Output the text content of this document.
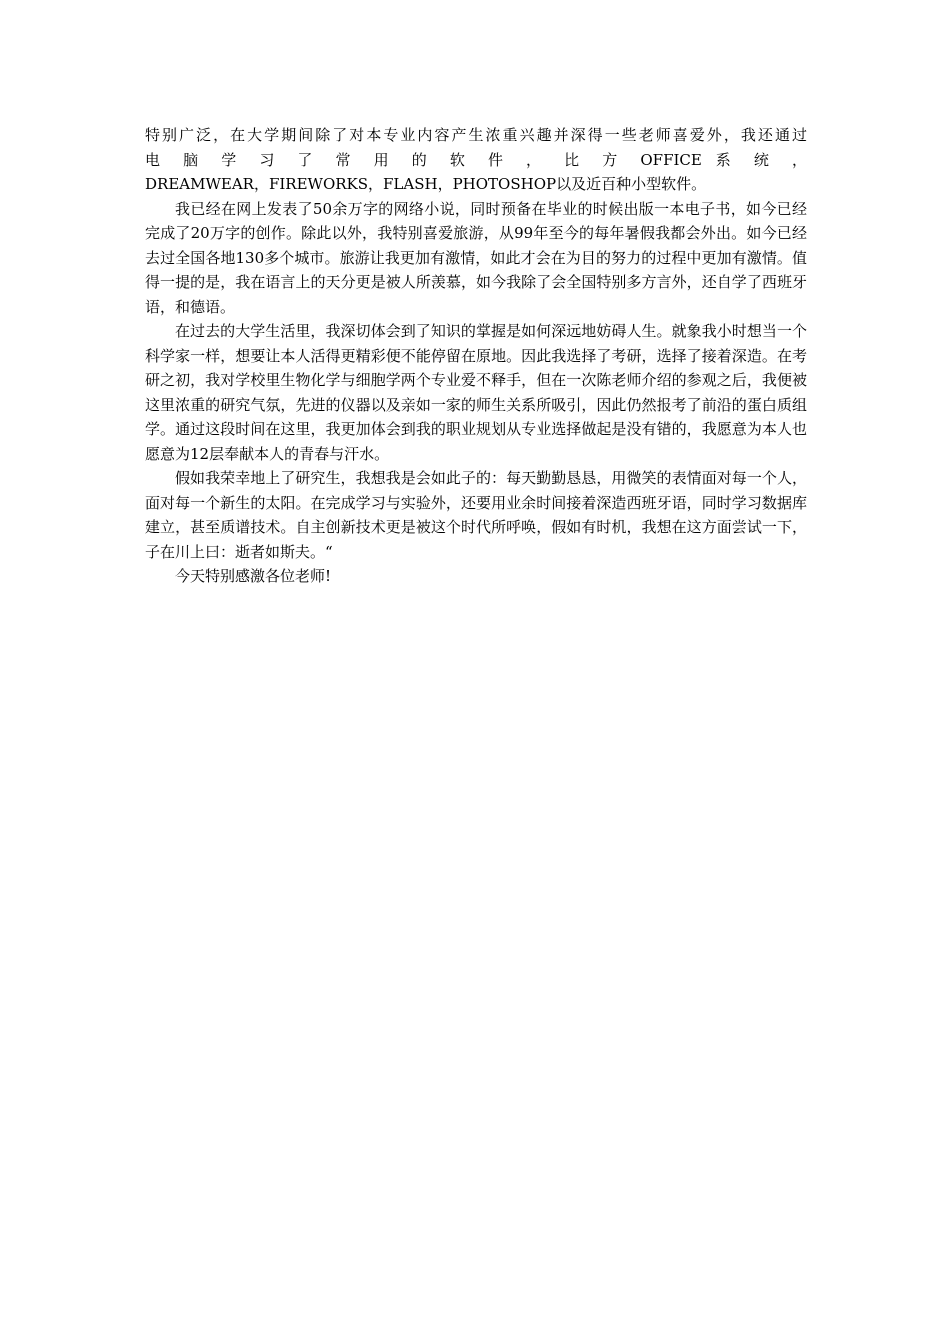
特别广泛，在大学期间除了对本专业内容产生浓重兴趣并深得一些老师喜爱外，我还通过
电 脑 学 习 了 常 用 的 软 件 ， 比 方 OFFICE 系 统 ，
DREAMWEAR，FIREWORKS，FLASH，PHOTOSHOP以及近百种小型软件。

我已经在网上发表了50余万字的网络小说，同时预备在毕业的时候出版一本电子书，如今已经完成了20万字的创作。除此以外，我特别喜爱旅游，从99年至今的每年暑假我都会外出。如今已经去过全国各地130多个城市。旅游让我更加有激情，如此才会在为目的努力的过程中更加有激情。值得一提的是，我在语言上的天分更是被人所羡慕，如今我除了会全国特别多方言外，还自学了西班牙语，和德语。

在过去的大学生活里，我深切体会到了知识的掌握是如何深远地妨碍人生。就象我小时想当一个科学家一样，想要让本人活得更精彩便不能停留在原地。因此我选择了考研，选择了接着深造。在考研之初，我对学校里生物化学与细胞学两个专业爱不释手，但在一次陈老师介绍的参观之后，我便被这里浓重的研究气氛，先进的仪器以及亲如一家的师生关系所吸引，因此仍然报考了前沿的蛋白质组学。通过这段时间在这里，我更加体会到我的职业规划从专业选择做起是没有错的，我愿意为本人也愿意为12层奉献本人的青春与汗水。

假如我荣幸地上了研究生，我想我是会如此子的：每天勤勤恳恳，用微笑的表情面对每一个人，面对每一个新生的太阳。在完成学习与实验外，还要用业余时间接着深造西班牙语，同时学习数据库建立，甚至质谱技术。自主创新技术更是被这个时代所呼唤，假如有时机，我想在这方面尝试一下，子在川上曰：逝者如斯夫。“

今天特别感激各位老师!
